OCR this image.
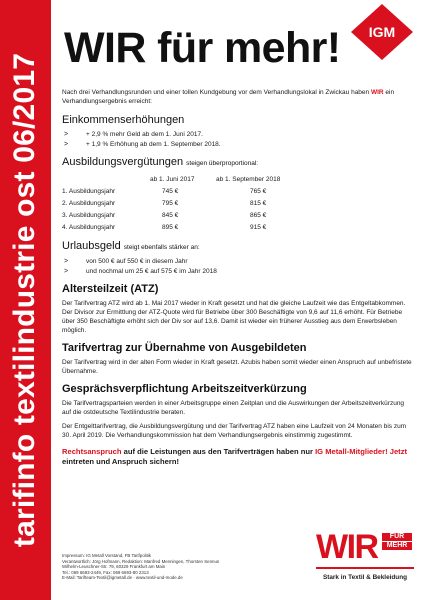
tarifinfo textilindustrie ost 06/2017
IGM
WIR für mehr!

Nach drei Verhandlungsrunden und einer tollen Kundgebung vor dem Verhandlungslokal in Zwickau haben WIR ein Verhandlungsergebnis erreicht:

Einkommenserhöhungen
> + 2,9 % mehr Geld ab dem 1. Juni 2017.
> + 1,9 % Erhöhung ab dem 1. September 2018.
Ausbildungsvergütungen steigen überproportional:
	ab 1. Juni 2017	ab 1. September 2018
1. Ausbildungsjahr	745 €	765 €
2. Ausbildungsjahr	795 €	815 €
3. Ausbildungsjahr	845 €	865 €
4. Ausbildungsjahr	895 €	915 €
Urlaubsgeld steigt ebenfalls stärker an:
> von 500 € auf 550 € in diesem Jahr
> und nochmal um 25 € auf 575 € im Jahr 2018
Altersteilzeit (ATZ)

Der Tarifvertrag ATZ wird ab 1. Mai 2017 wieder in Kraft gesetzt und hat die gleiche Laufzeit wie das Entgeltabkommen. Der Divisor zur Ermittlung der ATZ-Quote wird für Betriebe über 300 Beschäftigte von 9,6 auf 11,6 erhöht. Für Betriebe über 350 Beschäftigte erhöht sich der Div sor auf 13,6. Damit ist wieder ein früherer Ausstieg aus dem Erwerbsleben möglich.

Tarifvertrag zur Übernahme von Ausgebildeten

Der Tarifvertrag wird in der alten Form wieder in Kraft gesetzt. Azubis haben somit wieder einen Anspruch auf unbefristete Übernahme.

Gesprächsverpflichtung Arbeitszeitverkürzung

Die Tarifvertragsparteien werden in einer Arbeitsgruppe einen Zeitplan und die Auswirkungen der Arbeitszeitverkürzung auf die ostdeutsche Textilindustrie beraten.

Der Entgelttarifvertrag, die Ausbildungsvergütung und der Tarifvertrag ATZ haben eine Laufzeit von 24 Monaten bis zum 30. April 2019. Die Verhandlungskommission hat dem Verhandlungsergebnis einstimmig zugestimmt.

Rechtsanspruch auf die Leistungen aus den Tarifverträgen haben nur IG Metall-Mitglieder! Jetzt eintreten und Anspruch sichern!

Impressum: IG Metall Vorstand, FB Tarifpolitik
Verantwortlich: Jörg Hofmann, Redaktion: Manfred Menningen, Thorsten Sennun
Wilhelm-Leuschner-Str. 79, 60329 Frankfurt am Main
Tel.: 069 6693-2449, Fax: 069 6693-80 2313
E-Mail: Tarifteam-Textil@igmetall.de · www.textil-und-mode.de
WIR	FÜR
MEHR
Stark in Textil & Bekleidung
